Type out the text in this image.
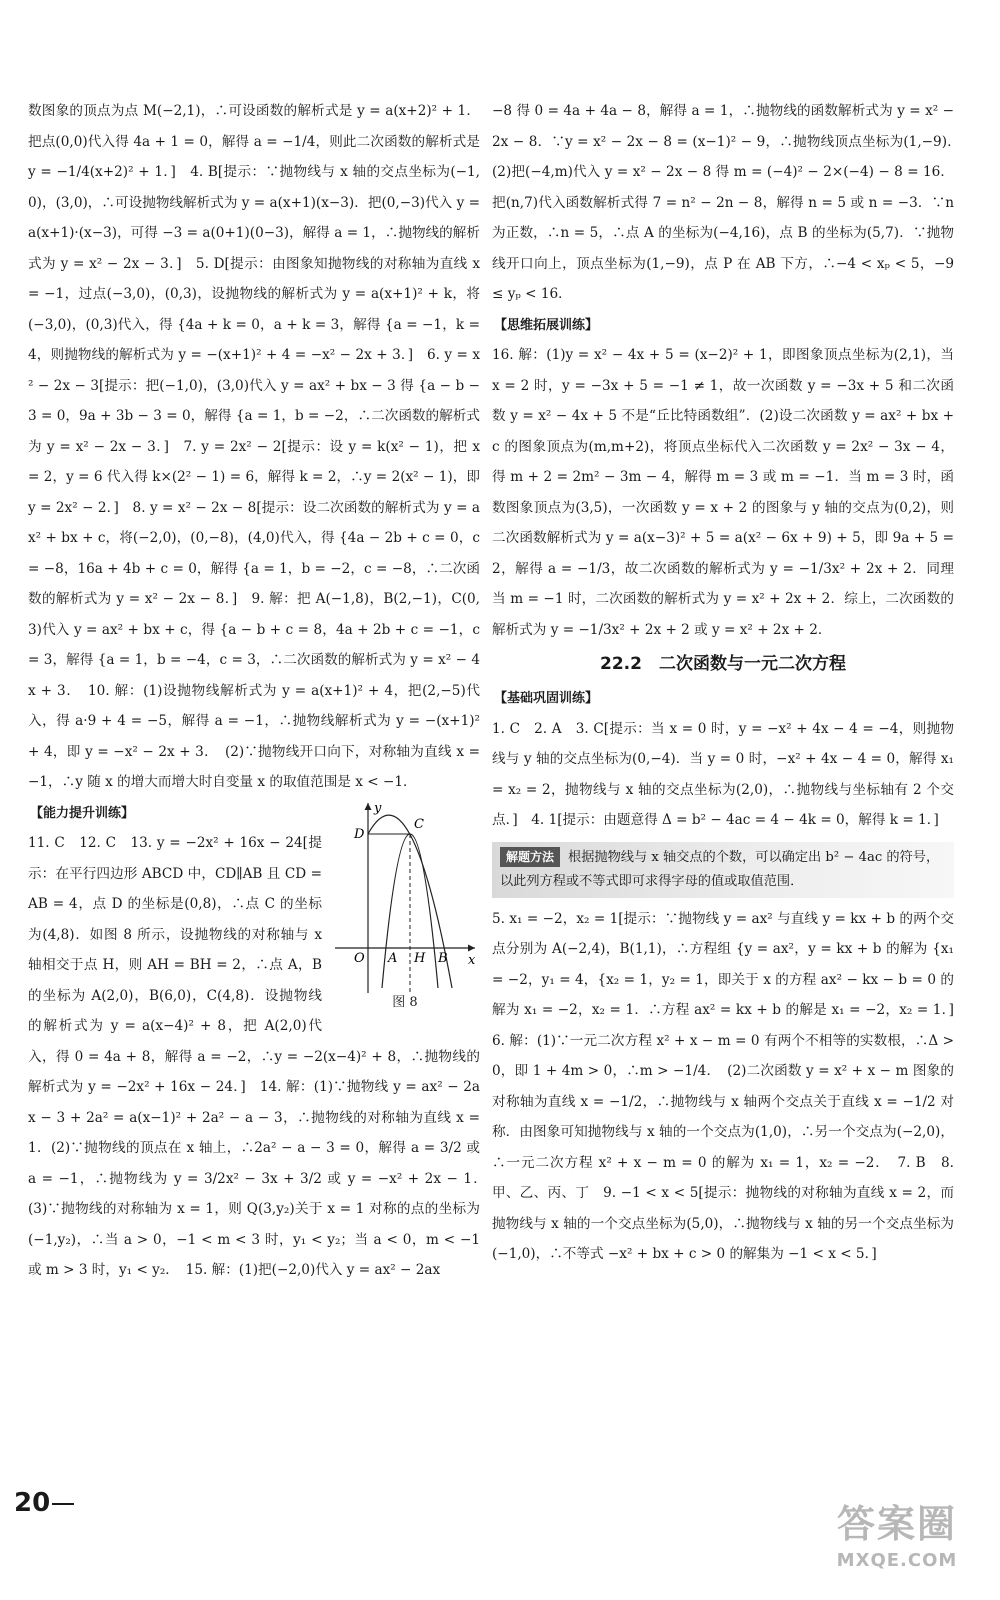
数图象的顶点为点 M(−2,1)，∴可设函数的解析式是 y = a(x+2)² + 1．把点(0,0)代入得 4a + 1 = 0，解得 a = −1/4，则此二次函数的解析式是 y = −1/4(x+2)² + 1．]　4. B[提示：∵抛物线与 x 轴的交点坐标为(−1,0)，(3,0)，∴可设抛物线解析式为 y = a(x+1)(x−3)．把(0,−3)代入 y = a(x+1)·(x−3)，可得 −3 = a(0+1)(0−3)，解得 a = 1，∴抛物线的解析式为 y = x² − 2x − 3．]　5. D[提示：由图象知抛物线的对称轴为直线 x = −1，过点(−3,0)，(0,3)，设抛物线的解析式为 y = a(x+1)² + k，将(−3,0)，(0,3)代入，得 {4a + k = 0，a + k = 3，解得 {a = −1，k = 4，则抛物线的解析式为 y = −(x+1)² + 4 = −x² − 2x + 3．]　6. y = x² − 2x − 3[提示：把(−1,0)，(3,0)代入 y = ax² + bx − 3 得 {a − b − 3 = 0，9a + 3b − 3 = 0，解得 {a = 1，b = −2，∴二次函数的解析式为 y = x² − 2x − 3．]　7. y = 2x² − 2[提示：设 y = k(x² − 1)，把 x = 2，y = 6 代入得 k×(2² − 1) = 6，解得 k = 2，∴y = 2(x² − 1)，即 y = 2x² − 2．]　8. y = x² − 2x − 8[提示：设二次函数的解析式为 y = ax² + bx + c，将(−2,0)，(0,−8)，(4,0)代入，得 {4a − 2b + c = 0，c = −8，16a + 4b + c = 0，解得 {a = 1，b = −2，c = −8，∴二次函数的解析式为 y = x² − 2x − 8．]　9. 解：把 A(−1,8)，B(2,−1)，C(0,3)代入 y = ax² + bx + c，得 {a − b + c = 8，4a + 2b + c = −1，c = 3，解得 {a = 1，b = −4，c = 3，∴二次函数的解析式为 y = x² − 4x + 3．　10. 解：(1)设抛物线解析式为 y = a(x+1)² + 4，把(2,−5)代入，得 a·9 + 4 = −5，解得 a = −1，∴抛物线解析式为 y = −(x+1)² + 4，即 y = −x² − 2x + 3．　(2)∵抛物线开口向下，对称轴为直线 x = −1，∴y 随 x 的增大而增大时自变量 x 的取值范围是 x < −1．

【 能力提升训练 】	y
x
D
C
O A H B
图 8

11. C　12. C　13. y = −2x² + 16x − 24[提示：在平行四边形 ABCD 中，CD∥AB 且 CD = AB = 4，点 D 的坐标是(0,8)，∴点 C 的坐标为(4,8)．如图 8 所示，设抛物线的对称轴与 x 轴相交于点 H，则 AH = BH = 2，∴点 A，B 的坐标为 A(2,0)，B(6,0)，C(4,8)．设抛物线的解析式为 y = a(x−4)² + 8，把 A(2,0)代入，得 0 = 4a + 8，解得 a = −2，∴y = −2(x−4)² + 8，∴抛物线的解析式为 y = −2x² + 16x − 24．]　14. 解：(1)∵抛物线 y = ax² − 2ax − 3 + 2a² = a(x−1)² + 2a² − a − 3，∴抛物线的对称轴为直线 x = 1．(2)∵抛物线的顶点在 x 轴上，∴2a² − a − 3 = 0，解得 a = 3/2 或 a = −1，∴抛物线为 y = 3/2x² − 3x + 3/2 或 y = −x² + 2x − 1．　(3)∵抛物线的对称轴为 x = 1，则 Q(3,y₂)关于 x = 1 对称的点的坐标为(−1,y₂)，∴当 a > 0，−1 < m < 3 时，y₁ < y₂；当 a < 0，m < −1 或 m > 3 时，y₁ < y₂．　15. 解：(1)把(−2,0)代入 y = ax² − 2ax

−8 得 0 = 4a + 4a − 8，解得 a = 1，∴抛物线的函数解析式为 y = x² − 2x − 8．∵y = x² − 2x − 8 = (x−1)² − 9，∴抛物线顶点坐标为(1,−9)．　(2)把(−4,m)代入 y = x² − 2x − 8 得 m = (−4)² − 2×(−4) − 8 = 16．把(n,7)代入函数解析式得 7 = n² − 2n − 8，解得 n = 5 或 n = −3．∵n 为正数，∴n = 5，∴点 A 的坐标为(−4,16)，点 B 的坐标为(5,7)．∵抛物线开口向上，顶点坐标为(1,−9)，点 P 在 AB 下方，∴−4 < xₚ < 5，−9 ≤ yₚ < 16．

【 思维拓展训练 】

16. 解：(1)y = x² − 4x + 5 = (x−2)² + 1，即图象顶点坐标为(2,1)，当 x = 2 时，y = −3x + 5 = −1 ≠ 1，故一次函数 y = −3x + 5 和二次函数 y = x² − 4x + 5 不是“丘比特函数组”．(2)设二次函数 y = ax² + bx + c 的图象顶点为(m,m+2)，将顶点坐标代入二次函数 y = 2x² − 3x − 4，得 m + 2 = 2m² − 3m − 4，解得 m = 3 或 m = −1．当 m = 3 时，函数图象顶点为(3,5)，一次函数 y = x + 2 的图象与 y 轴的交点为(0,2)，则二次函数解析式为 y = a(x−3)² + 5 = a(x² − 6x + 9) + 5，即 9a + 5 = 2，解得 a = −1/3，故二次函数的解析式为 y = −1/3x² + 2x + 2．同理当 m = −1 时，二次函数的解析式为 y = x² + 2x + 2．综上，二次函数的解析式为 y = −1/3x² + 2x + 2 或 y = x² + 2x + 2．

22.2　二次函数与一元二次方程
【 基础巩固训练 】

1. C　2. A　3. C[提示：当 x = 0 时，y = −x² + 4x − 4 = −4，则抛物线与 y 轴的交点坐标为(0,−4)．当 y = 0 时，−x² + 4x − 4 = 0，解得 x₁ = x₂ = 2，抛物线与 x 轴的交点坐标为(2,0)，∴抛物线与坐标轴有 2 个交点．]　4. 1[提示：由题意得 Δ = b² − 4ac = 4 − 4k = 0，解得 k = 1．]

解题方法 根据抛物线与 x 轴交点的个数，可以确定出 b² − 4ac 的符号，以此列方程或不等式即可求得字母的值或取值范围．

5. x₁ = −2，x₂ = 1[提示：∵抛物线 y = ax² 与直线 y = kx + b 的两个交点分别为 A(−2,4)，B(1,1)，∴方程组 {y = ax²，y = kx + b 的解为 {x₁ = −2，y₁ = 4，{x₂ = 1，y₂ = 1，即关于 x 的方程 ax² − kx − b = 0 的解为 x₁ = −2，x₂ = 1．∴方程 ax² = kx + b 的解是 x₁ = −2，x₂ = 1．]　6. 解：(1)∵一元二次方程 x² + x − m = 0 有两个不相等的实数根，∴Δ > 0，即 1 + 4m > 0，∴m > −1/4．　(2)二次函数 y = x² + x − m 图象的对称轴为直线 x = −1/2，∴抛物线与 x 轴两个交点关于直线 x = −1/2 对称．由图象可知抛物线与 x 轴的一个交点为(1,0)，∴另一个交点为(−2,0)，∴一元二次方程 x² + x − m = 0 的解为 x₁ = 1，x₂ = −2．　7. B　8. 甲、乙、丙、丁　9. −1 < x < 5[提示：抛物线的对称轴为直线 x = 2，而抛物线与 x 轴的一个交点坐标为(5,0)，∴抛物线与 x 轴的另一个交点坐标为(−1,0)，∴不等式 −x² + bx + c > 0 的解集为 −1 < x < 5．]

20	答案圈
MXQE.COM
